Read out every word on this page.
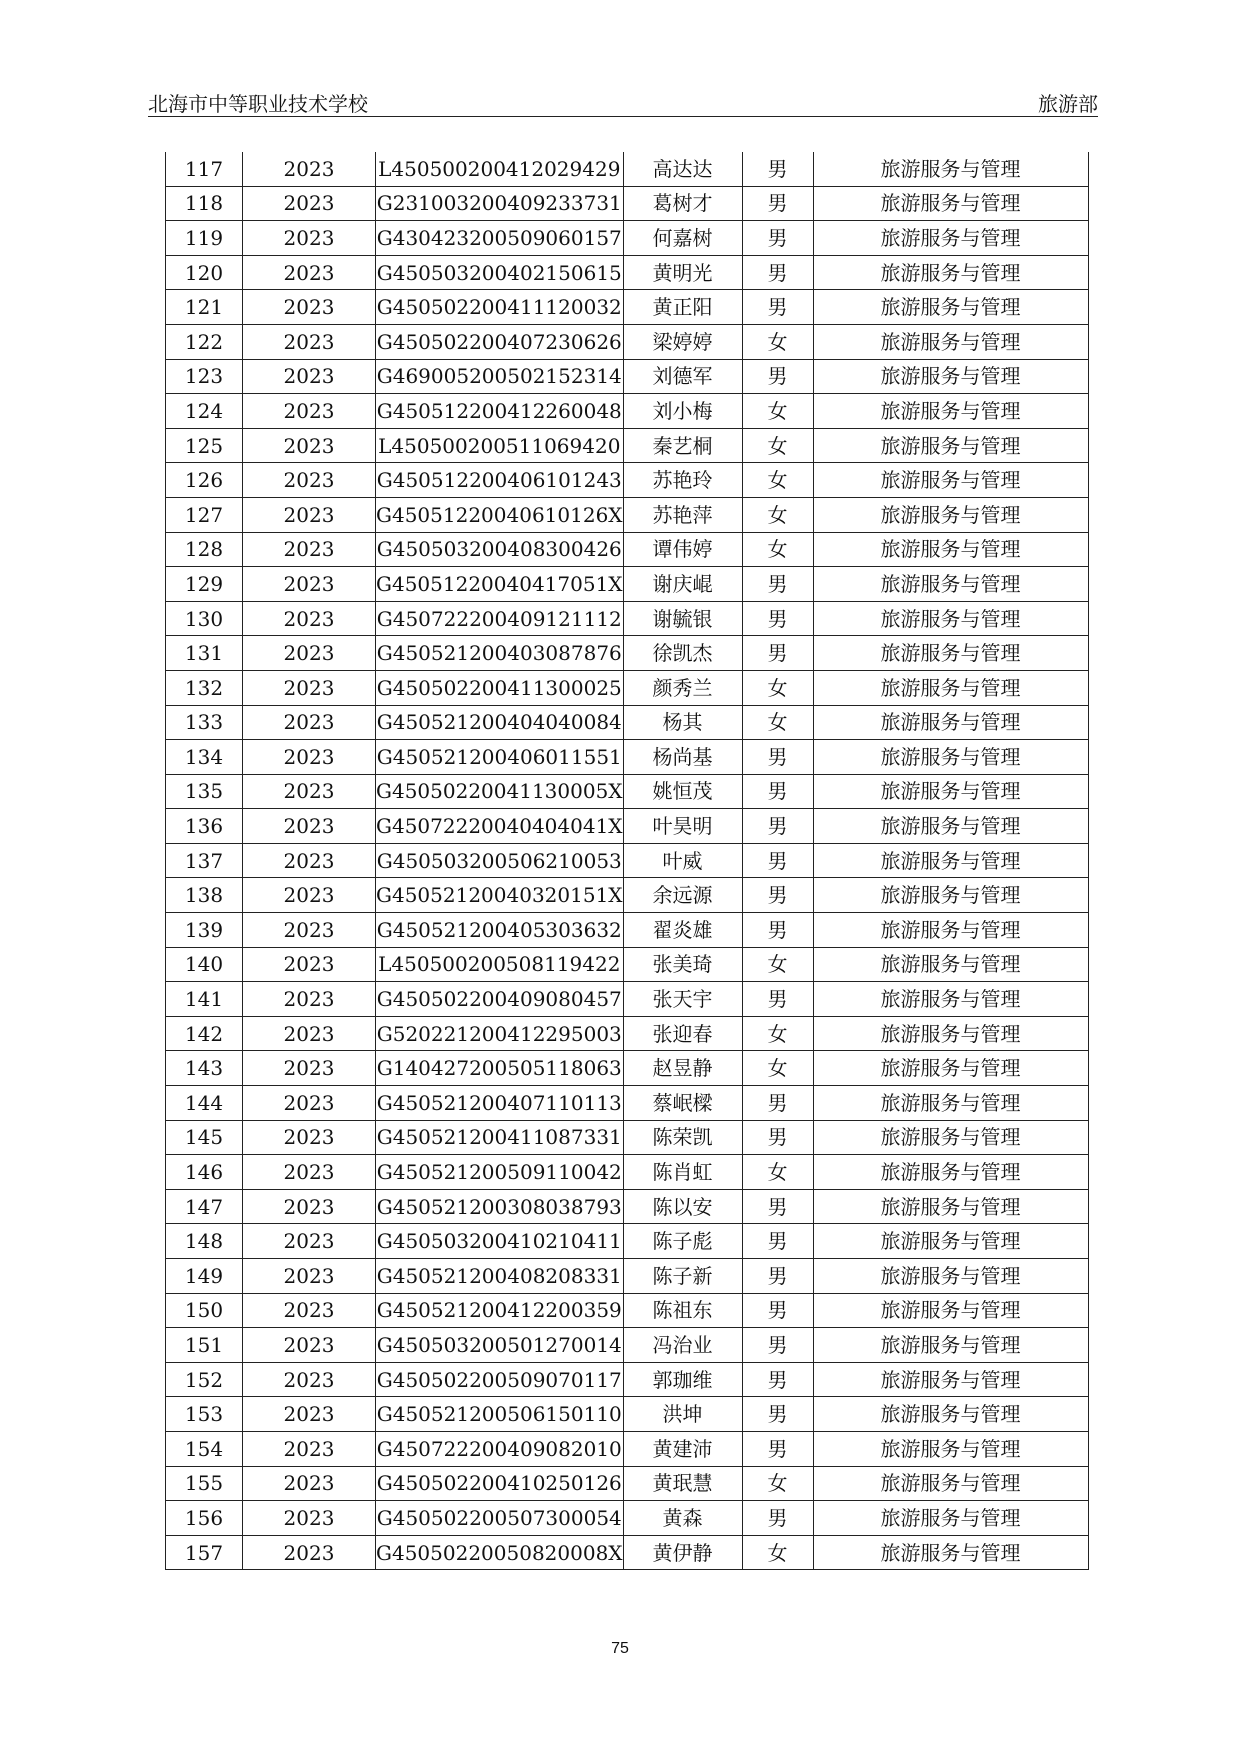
北海市中等职业技术学校	旅游部
117	2023	L450500200412029429	高达达	男	旅游服务与管理
118	2023	G231003200409233731	葛树才	男	旅游服务与管理
119	2023	G430423200509060157	何嘉树	男	旅游服务与管理
120	2023	G450503200402150615	黄明光	男	旅游服务与管理
121	2023	G450502200411120032	黄正阳	男	旅游服务与管理
122	2023	G450502200407230626	梁婷婷	女	旅游服务与管理
123	2023	G469005200502152314	刘德军	男	旅游服务与管理
124	2023	G450512200412260048	刘小梅	女	旅游服务与管理
125	2023	L450500200511069420	秦艺桐	女	旅游服务与管理
126	2023	G450512200406101243	苏艳玲	女	旅游服务与管理
127	2023	G45051220040610126X	苏艳萍	女	旅游服务与管理
128	2023	G450503200408300426	谭伟婷	女	旅游服务与管理
129	2023	G45051220040417051X	谢庆崐	男	旅游服务与管理
130	2023	G450722200409121112	谢毓银	男	旅游服务与管理
131	2023	G450521200403087876	徐凯杰	男	旅游服务与管理
132	2023	G450502200411300025	颜秀兰	女	旅游服务与管理
133	2023	G450521200404040084	杨其	女	旅游服务与管理
134	2023	G450521200406011551	杨尚基	男	旅游服务与管理
135	2023	G45050220041130005X	姚恒茂	男	旅游服务与管理
136	2023	G45072220040404041X	叶昊明	男	旅游服务与管理
137	2023	G450503200506210053	叶威	男	旅游服务与管理
138	2023	G45052120040320151X	余远源	男	旅游服务与管理
139	2023	G450521200405303632	翟炎雄	男	旅游服务与管理
140	2023	L450500200508119422	张美琦	女	旅游服务与管理
141	2023	G450502200409080457	张天宇	男	旅游服务与管理
142	2023	G520221200412295003	张迎春	女	旅游服务与管理
143	2023	G140427200505118063	赵昱静	女	旅游服务与管理
144	2023	G450521200407110113	蔡岷樑	男	旅游服务与管理
145	2023	G450521200411087331	陈荣凯	男	旅游服务与管理
146	2023	G450521200509110042	陈肖虹	女	旅游服务与管理
147	2023	G450521200308038793	陈以安	男	旅游服务与管理
148	2023	G450503200410210411	陈子彪	男	旅游服务与管理
149	2023	G450521200408208331	陈子新	男	旅游服务与管理
150	2023	G450521200412200359	陈祖东	男	旅游服务与管理
151	2023	G450503200501270014	冯治业	男	旅游服务与管理
152	2023	G450502200509070117	郭珈维	男	旅游服务与管理
153	2023	G450521200506150110	洪坤	男	旅游服务与管理
154	2023	G450722200409082010	黄建沛	男	旅游服务与管理
155	2023	G450502200410250126	黄珉慧	女	旅游服务与管理
156	2023	G450502200507300054	黄森	男	旅游服务与管理
157	2023	G45050220050820008X	黄伊静	女	旅游服务与管理
75
